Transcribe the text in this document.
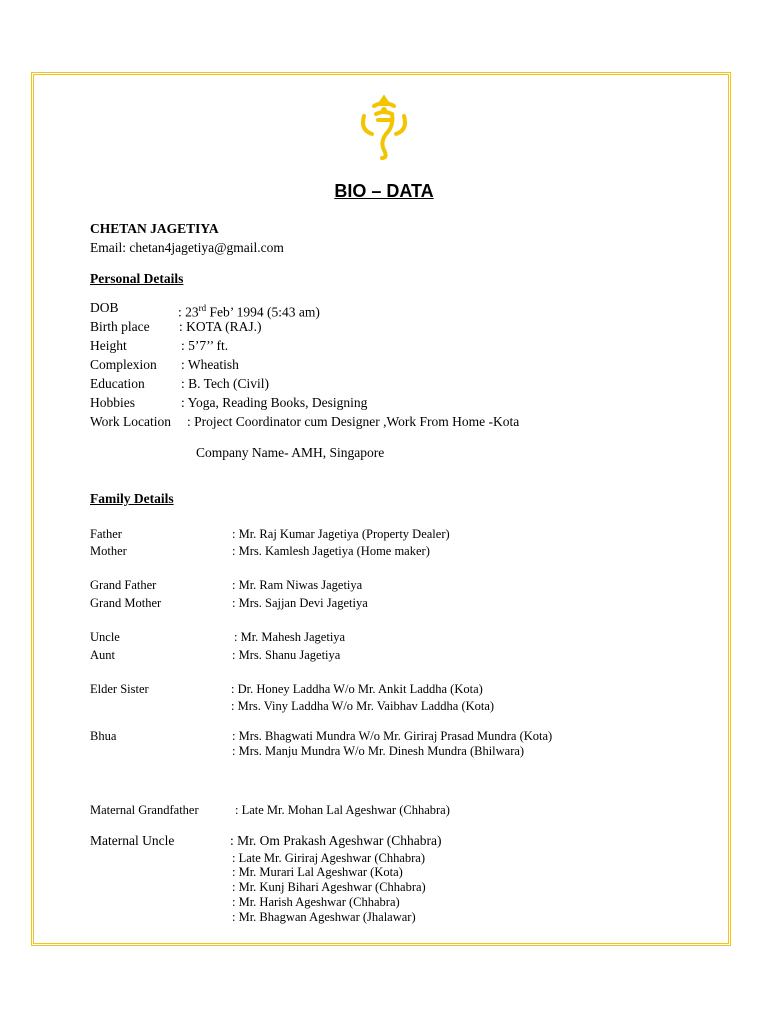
BIO – DATA
CHETAN JAGETIYA
Email: chetan4jagetiya@gmail.com
Personal Details
DOB	: 23rd Feb’ 1994 (5:43 am)
Birth place : KOTA (RAJ.)
Height	: 5’7’’ ft.
Complexion : Wheatish
Education	: B. Tech (Civil)
Hobbies	: Yoga, Reading Books, Designing
Work Location : Project Coordinator cum Designer ,Work From Home -Kota
Company Name- AMH, Singapore
Family Details
Father	: Mr. Raj Kumar Jagetiya (Property Dealer)
Mother	: Mrs. Kamlesh Jagetiya (Home maker)
Grand Father	: Mr. Ram Niwas Jagetiya
Grand Mother	: Mrs. Sajjan Devi Jagetiya
Uncle	: Mr. Mahesh Jagetiya
Aunt	: Mrs. Shanu Jagetiya
Elder Sister	: Dr. Honey Laddha W/o Mr. Ankit Laddha (Kota)
: Mrs. Viny Laddha W/o Mr. Vaibhav Laddha (Kota)
Bhua	: Mrs. Bhagwati Mundra W/o Mr. Giriraj Prasad Mundra (Kota)
: Mrs. Manju Mundra W/o Mr. Dinesh Mundra (Bhilwara)
Maternal Grandfather	: Late Mr. Mohan Lal Ageshwar (Chhabra)
Maternal Uncle	: Mr. Om Prakash Ageshwar (Chhabra)
: Late Mr. Giriraj Ageshwar (Chhabra)
: Mr. Murari Lal Ageshwar (Kota)
: Mr. Kunj Bihari Ageshwar (Chhabra)
: Mr. Harish Ageshwar (Chhabra)
: Mr. Bhagwan Ageshwar (Jhalawar)
